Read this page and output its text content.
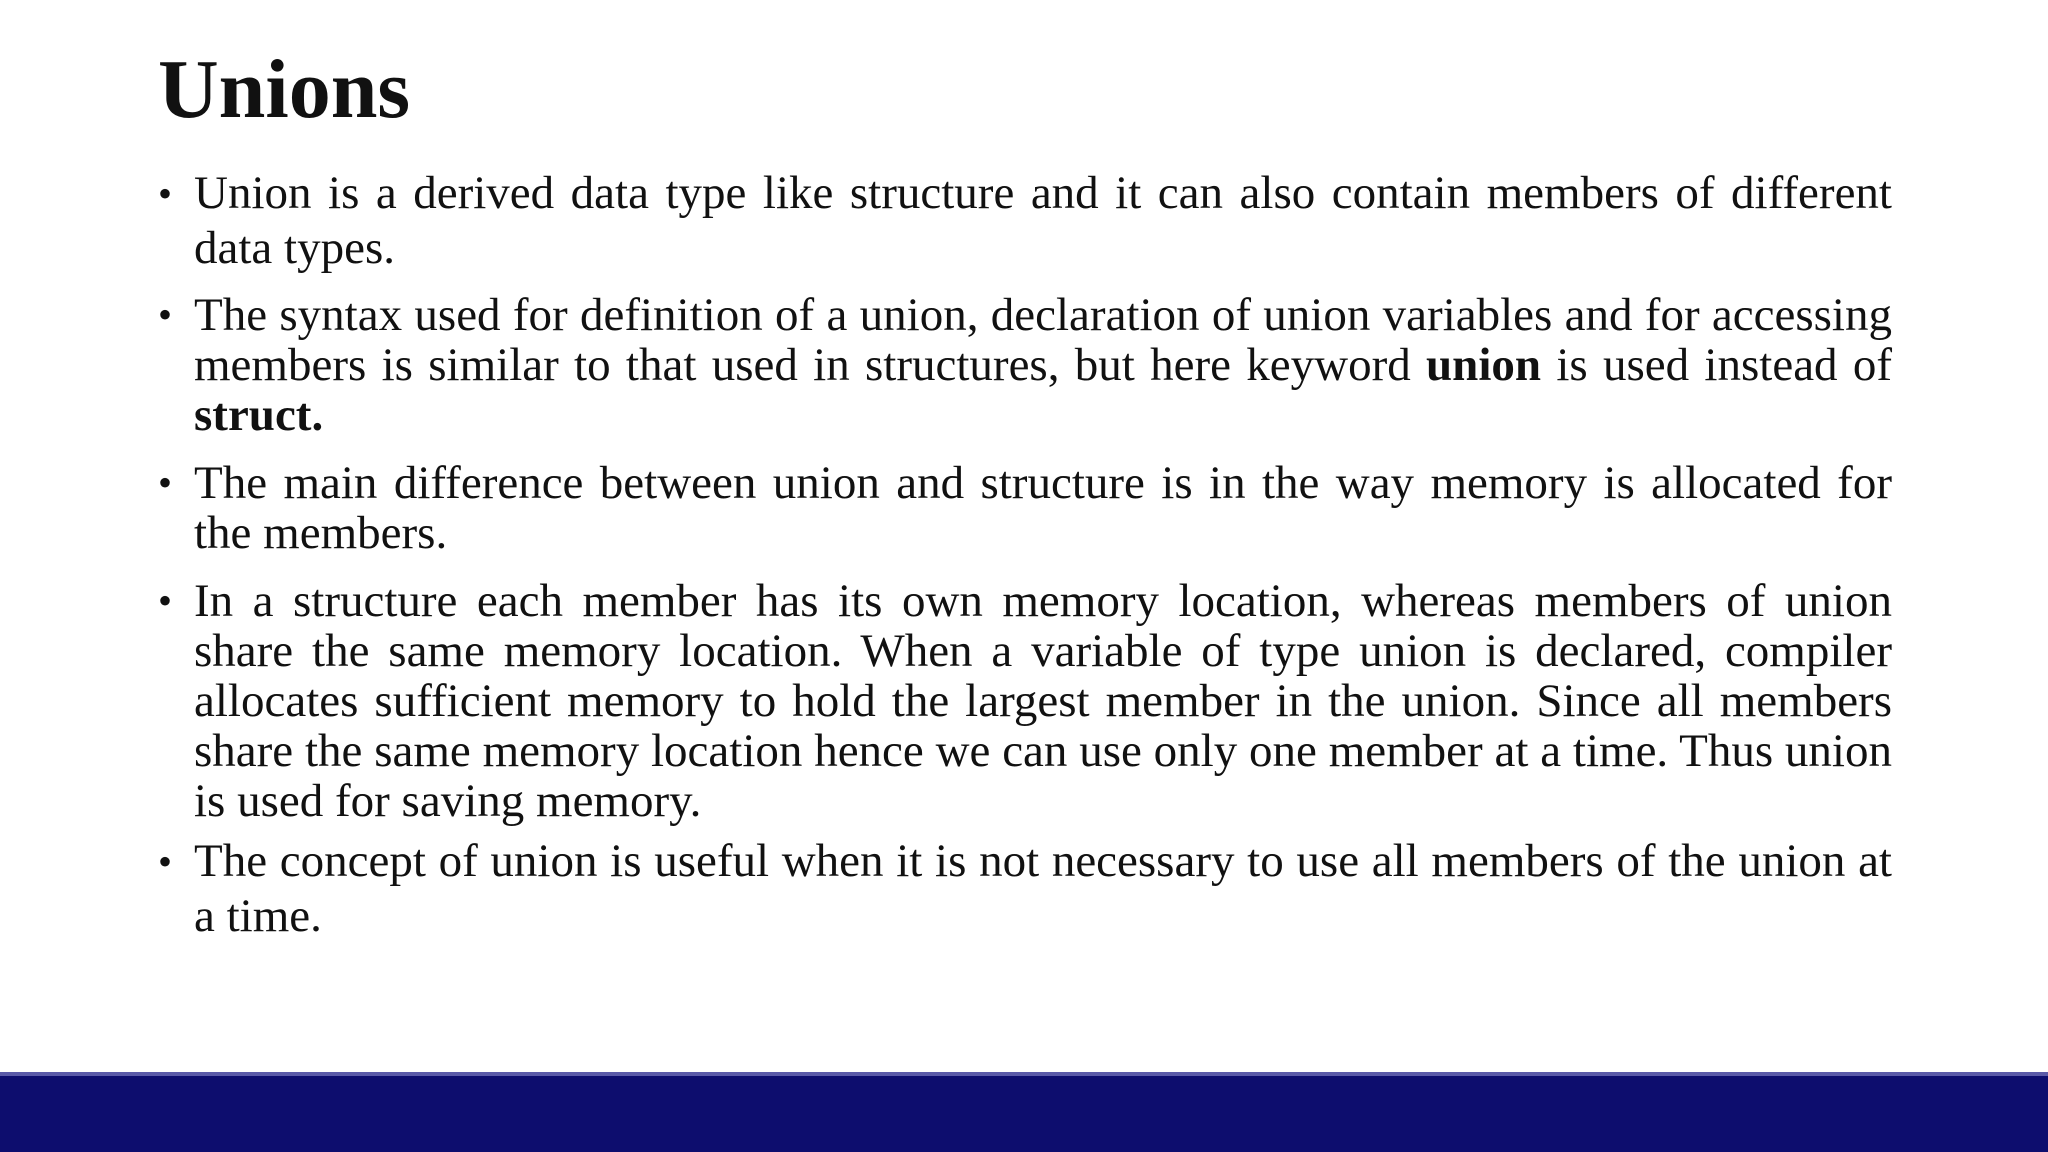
Unions
• Union is a derived data type like structure and it can also contain members of different data types.
• The syntax used for definition of a union, declaration of union variables and for accessing members is similar to that used in structures, but here keyword union is used instead of struct.
• The main difference between union and structure is in the way memory is allocated for the members.
• In a structure each member has its own memory location, whereas members of union share the same memory location. When a variable of type union is declared, compiler allocates sufficient memory to hold the largest member in the union. Since all members share the same memory location hence we can use only one member at a time. Thus union is used for saving memory.
• The concept of union is useful when it is not necessary to use all members of the union at a time.
